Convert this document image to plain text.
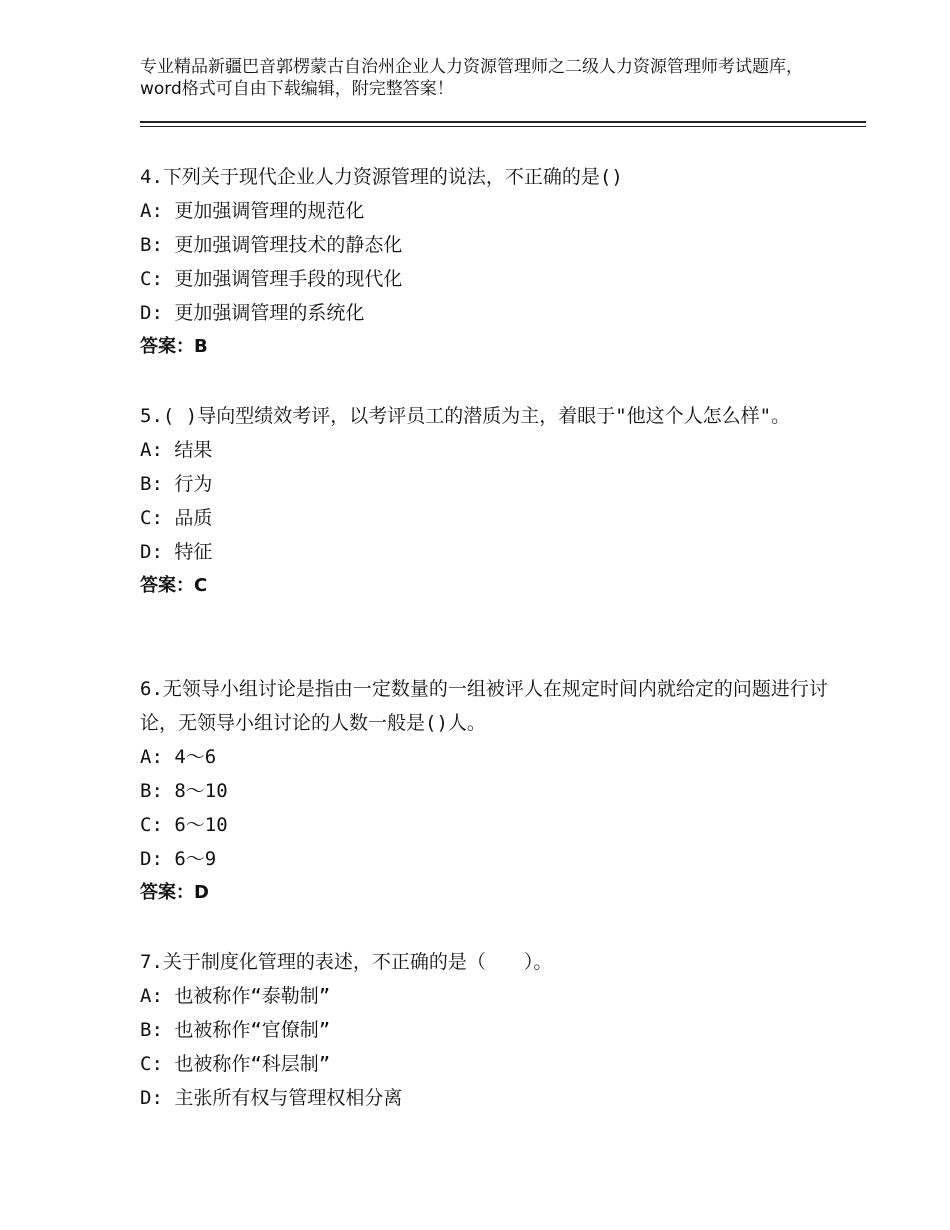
专业精品新疆巴音郭楞蒙古自治州企业人力资源管理师之二级人力资源管理师考试题库，word格式可自由下载编辑，附完整答案！

4.下列关于现代企业人力资源管理的说法，不正确的是()

A: 更加强调管理的规范化

B: 更加强调管理技术的静态化

C: 更加强调管理手段的现代化

D: 更加强调管理的系统化

答案：B

5.( )导向型绩效考评，以考评员工的潜质为主，着眼于"他这个人怎么样"。

A: 结果

B: 行为

C: 品质

D: 特征

答案：C

6.无领导小组讨论是指由一定数量的一组被评人在规定时间内就给定的问题进行讨论，无领导小组讨论的人数一般是()人。

A: 4～6

B: 8～10

C: 6～10

D: 6～9

答案：D

7.关于制度化管理的表述，不正确的是（　　）。

A: 也被称作“泰勒制”

B: 也被称作“官僚制”

C: 也被称作“科层制”

D: 主张所有权与管理权相分离
